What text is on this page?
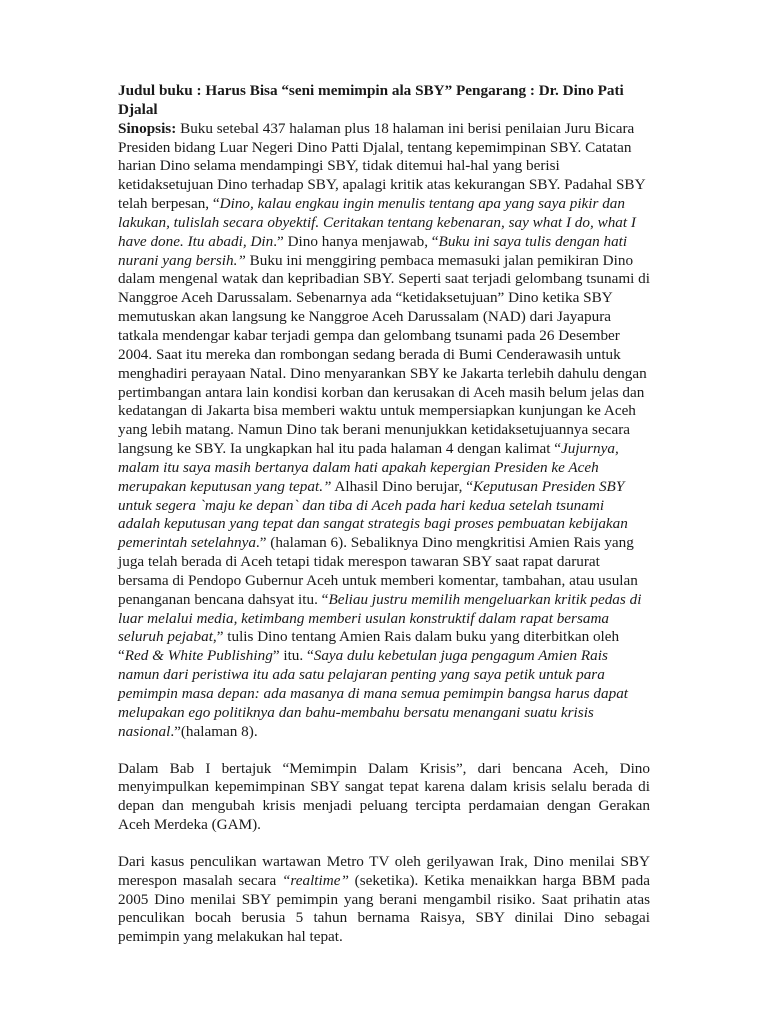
Judul buku : Harus Bisa “seni memimpin ala SBY” Pengarang : Dr. Dino Pati Djalal
Sinopsis: Buku setebal 437 halaman plus 18 halaman ini berisi penilaian Juru Bicara Presiden bidang Luar Negeri Dino Patti Djalal, tentang kepemimpinan SBY. Catatan harian Dino selama mendampingi SBY, tidak ditemui hal-hal yang berisi ketidaksetujuan Dino terhadap SBY, apalagi kritik atas kekurangan SBY. Padahal SBY telah berpesan, “Dino, kalau engkau ingin menulis tentang apa yang saya pikir dan lakukan, tulislah secara obyektif. Ceritakan tentang kebenaran, say what I do, what I have done. Itu abadi, Din.” Dino hanya menjawab, “Buku ini saya tulis dengan hati nurani yang bersih.” Buku ini menggiring pembaca memasuki jalan pemikiran Dino dalam mengenal watak dan kepribadian SBY. Seperti saat terjadi gelombang tsunami di Nanggroe Aceh Darussalam. Sebenarnya ada “ketidaksetujuan” Dino ketika SBY memutuskan akan langsung ke Nanggroe Aceh Darussalam (NAD) dari Jayapura tatkala mendengar kabar terjadi gempa dan gelombang tsunami pada 26 Desember 2004. Saat itu mereka dan rombongan sedang berada di Bumi Cenderawasih untuk menghadiri perayaan Natal. Dino menyarankan SBY ke Jakarta terlebih dahulu dengan pertimbangan antara lain kondisi korban dan kerusakan di Aceh masih belum jelas dan kedatangan di Jakarta bisa memberi waktu untuk mempersiapkan kunjungan ke Aceh yang lebih matang. Namun Dino tak berani menunjukkan ketidaksetujuannya secara langsung ke SBY. Ia ungkapkan hal itu pada halaman 4 dengan kalimat “Jujurnya, malam itu saya masih bertanya dalam hati apakah kepergian Presiden ke Aceh merupakan keputusan yang tepat.” Alhasil Dino berujar, “Keputusan Presiden SBY untuk segera `maju ke depan` dan tiba di Aceh pada hari kedua setelah tsunami adalah keputusan yang tepat dan sangat strategis bagi proses pembuatan kebijakan pemerintah setelahnya.” (halaman 6). Sebaliknya Dino mengkritisi Amien Rais yang juga telah berada di Aceh tetapi tidak merespon tawaran SBY saat rapat darurat bersama di Pendopo Gubernur Aceh untuk memberi komentar, tambahan, atau usulan penanganan bencana dahsyat itu. “Beliau justru memilih mengeluarkan kritik pedas di luar melalui media, ketimbang memberi usulan konstruktif dalam rapat bersama seluruh pejabat,” tulis Dino tentang Amien Rais dalam buku yang diterbitkan oleh “Red & White Publishing” itu. “Saya dulu kebetulan juga pengagum Amien Rais namun dari peristiwa itu ada satu pelajaran penting yang saya petik untuk para pemimpin masa depan: ada masanya di mana semua pemimpin bangsa harus dapat melupakan ego politiknya dan bahu-membahu bersatu menangani suatu krisis nasional.”(halaman 8).

Dalam Bab I bertajuk “Memimpin Dalam Krisis”, dari bencana Aceh, Dino menyimpulkan kepemimpinan SBY sangat tepat karena dalam krisis selalu berada di depan dan mengubah krisis menjadi peluang tercipta perdamaian dengan Gerakan Aceh Merdeka (GAM).

Dari kasus penculikan wartawan Metro TV oleh gerilyawan Irak, Dino menilai SBY merespon masalah secara “realtime” (seketika). Ketika menaikkan harga BBM pada 2005 Dino menilai SBY pemimpin yang berani mengambil risiko. Saat prihatin atas penculikan bocah berusia 5 tahun bernama Raisya, SBY dinilai Dino sebagai pemimpin yang melakukan hal tepat.
